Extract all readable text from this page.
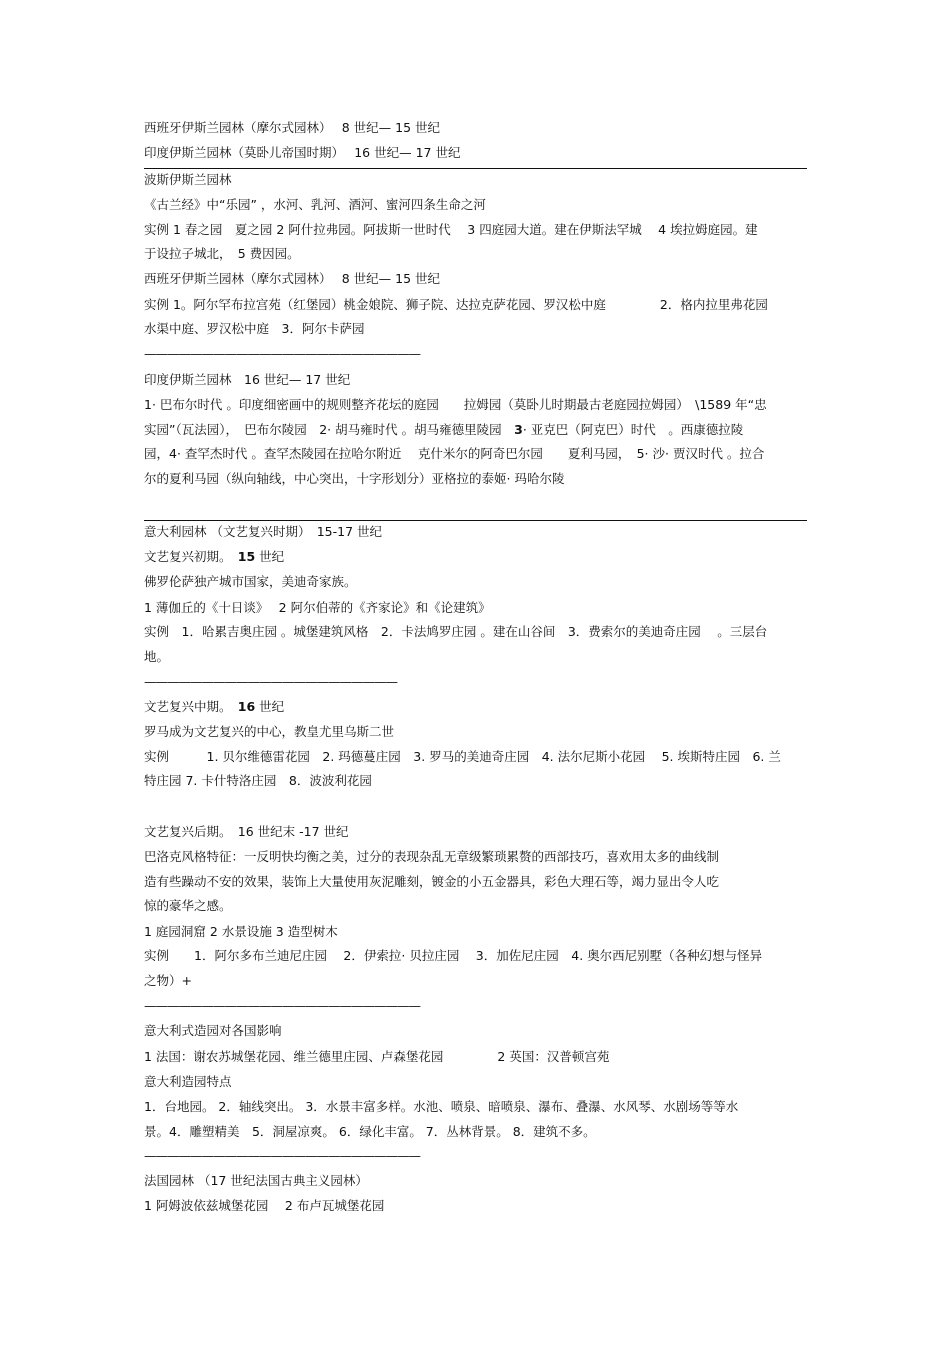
西班牙伊斯兰园林（摩尔式园林）　 8 世纪— 15 世纪
印度伊斯兰园林（莫卧儿帝国时期）　 16 世纪— 17 世纪
波斯伊斯兰园林
《古兰经》中“乐园” ，水河、乳河、酒河、蜜河四条生命之河
实例 1 春之园　夏之园 2 阿什拉弗园。阿拔斯一世时代　 3 四庭园大道。建在伊斯法罕城　 4 埃拉姆庭园。建
于设拉子城北，　5 费因园。
西班牙伊斯兰园林（摩尔式园林）　 8 世纪— 15 世纪
实例 1。阿尔罕布拉宫苑（红堡园）桃金娘院、狮子院、达拉克萨花园、罗汉松中庭　　　　 2．格内拉里弗花园
水渠中庭、罗汉松中庭　3．阿尔卡萨园
————————————————————————
印度伊斯兰园林　16 世纪— 17 世纪
1· 巴布尔时代 。印度细密画中的规则整齐花坛的庭园　　拉姆园（莫卧儿时期最古老庭园拉姆园）　\1589 年“忠
实园”（瓦法园），　巴布尔陵园　2· 胡马雍时代 。胡马雍德里陵园　3· 亚克巴（阿克巴）时代　。西康德拉陵
园，4· 查罕杰时代 。查罕杰陵园在拉哈尔附近　 克什米尔的阿奇巴尔园　　夏利马园，　5· 沙· 贾汉时代 。拉合
尔的夏利马园（纵向轴线，中心突出，十字形划分）亚格拉的泰姬· 玛哈尔陵
意大利园林 （文艺复兴时期）　15-17 世纪
文艺复兴初期。　15 世纪
佛罗伦萨独产城市国家，美迪奇家族。
1 薄伽丘的《十日谈》　 2 阿尔伯蒂的《齐家论》和《论建筑》
实例　1．哈累吉奥庄园 。城堡建筑风格　2．卡法鸠罗庄园 。建在山谷间　3．费索尔的美迪奇庄园　 。三层台
地。
——————————————————————
文艺复兴中期。　16 世纪
罗马成为文艺复兴的中心，教皇尤里乌斯二世
实例　　　1. 贝尔维德雷花园　2. 玛德蔓庄园　3. 罗马的美迪奇庄园　4. 法尔尼斯小花园　 5. 埃斯特庄园　6. 兰
特庄园 7. 卡什特洛庄园　8．波波利花园
文艺复兴后期。　16 世纪末 -17 世纪
巴洛克风格特征：一反明快均衡之美，过分的表现杂乱无章级繁琐累赘的西部技巧，喜欢用太多的曲线制
造有些躁动不安的效果，装饰上大量使用灰泥雕刻，镀金的小五金器具，彩色大理石等，竭力显出令人吃
惊的豪华之感。
1 庭园洞窟 2 水景设施 3 造型树木
实例　　1．阿尔多布兰迪尼庄园　 2．伊索拉· 贝拉庄园　 3．加佐尼庄园　4. 奥尔西尼别墅（各种幻想与怪异
之物）+
————————————————————————
意大利式造园对各国影响
1 法国：谢农苏城堡花园、维兰德里庄园、卢森堡花园　　　　 2 英国：汉普顿宫苑
意大利造园特点
1．台地园。 2．轴线突出。 3．水景丰富多样。水池、喷泉、暗喷泉、瀑布、叠瀑、水风琴、水剧场等等水
景。4．雕塑精美　5．洞屋凉爽。 6．绿化丰富。 7．丛林背景。 8．建筑不多。
————————————————————————
法国园林 （17 世纪法国古典主义园林）
1 阿姆波依兹城堡花园 　2 布卢瓦城堡花园
